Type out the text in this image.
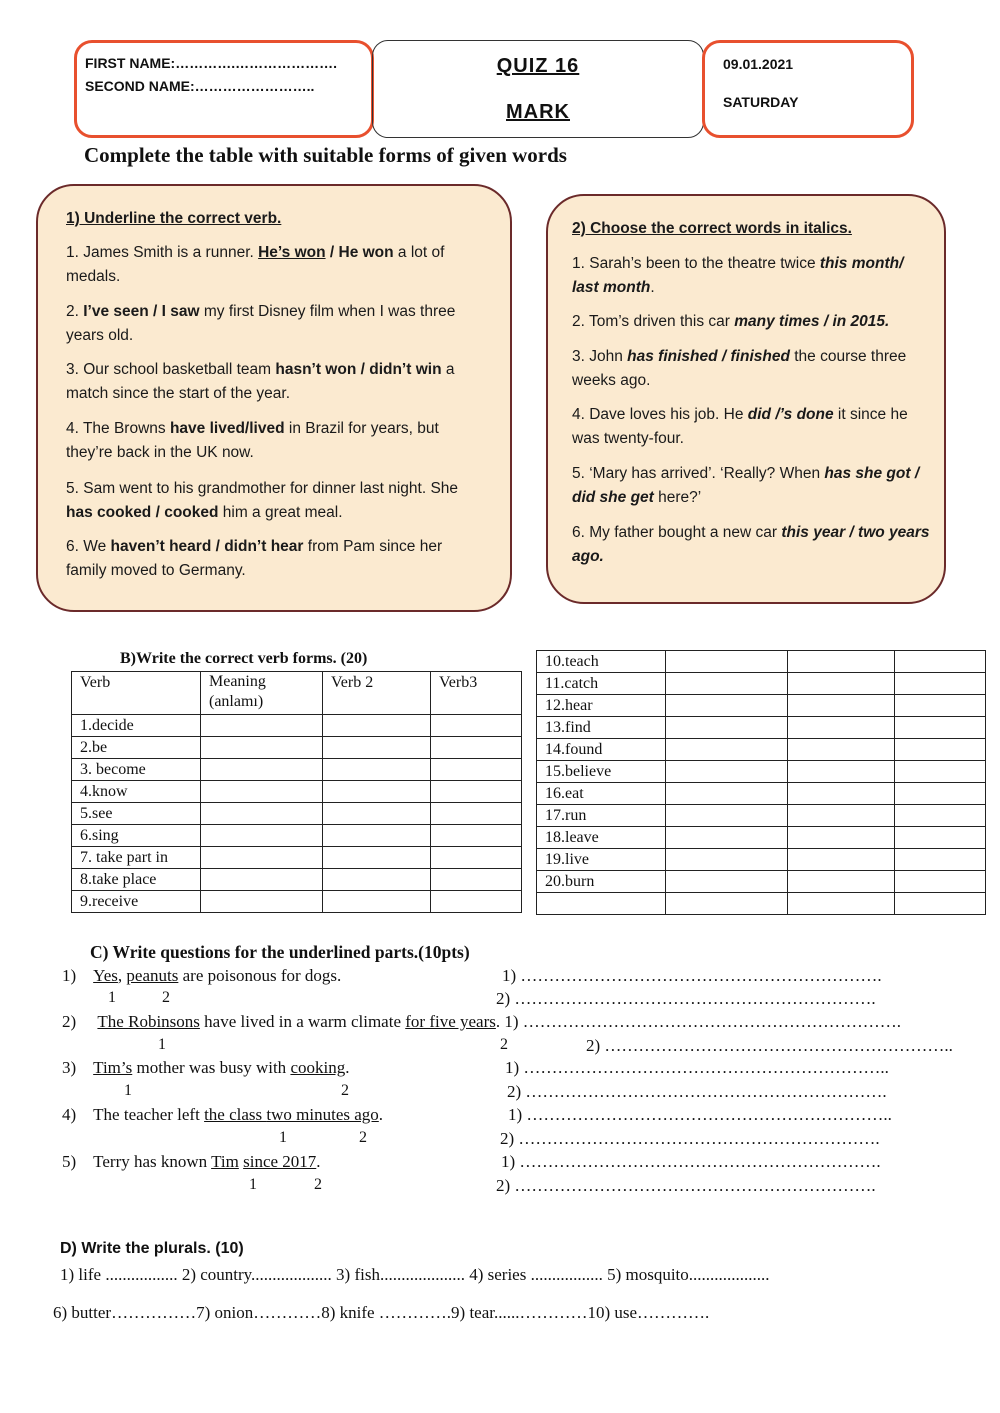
FIRST NAME:………….………………….
SECOND NAME:……………………..
QUIZ 16
MARK
09.01.2021
SATURDAY
Complete the table with suitable forms of given words
1) Underline the correct verb.
1. James Smith is a runner. He’s won / He won a lot of medals.
2. I’ve seen / I saw my first Disney film when I was three years old.
3. Our school basketball team hasn’t won / didn’t win a match since the start of the year.
4. The Browns have lived/lived in Brazil for years, but they’re back in the UK now.
5. Sam went to his grandmother for dinner last night. She has cooked / cooked him a great meal.
6. We haven’t heard / didn’t hear from Pam since her family moved to Germany.
2) Choose the correct words in italics.
1. Sarah’s been to the theatre twice this month/ last month.
2. Tom’s driven this car many times / in 2015.
3. John has finished / finished the course three weeks ago.
4. Dave loves his job. He did /’s done it since he was twenty-four.
5. ‘Mary has arrived’. ‘Really? When has she got / did she get here?’
6. My father bought a new car this year / two years ago.
B)Write the correct verb forms. (20)
Verb	Meaning (anlamı)	Verb 2	Verb3
1.decide			
2.be			
3. become			
4.know			
5.see			
6.sing			
7. take part in			
8.take place			
9.receive			
10.teach			
11.catch			
12.hear			
13.find			
14.found			
15.believe			
16.eat			
17.run			
18.leave			
19.live			
20.burn			

C) Write questions for the underlined parts.(10pts)
1) Yes, peanuts are poisonous for dogs.
1	2
1) ……………………………………………………….
2) ……………………………………………………….
2) The Robinsons have lived in a warm climate for five years. 1) ………………………………………………………….
1	2	2) ……………………………………………………..
3) Tim’s mother was busy with cooking.
1	2
1) ………………………………………………………..
2) ……………………………………………………….
4) The teacher left the class two minutes ago.
1	2
1) ………………………………………………………..
2) ……………………………………………………….
5) Terry has known Tim since 2017.
1	2
1) ……………………………………………………….
2) ……………………………………………………….
D) Write the plurals. (10)
1) life ................. 2) country................... 3) fish.................... 4) series ................. 5) mosquito...................
6) butter……………7) onion…………8) knife ………….9) tear......…………10) use………….
